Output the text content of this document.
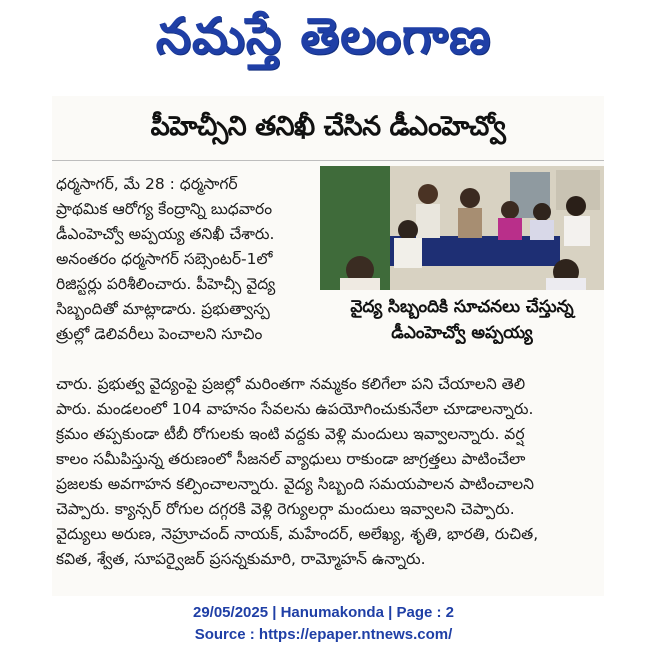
నమస్తే తెలంగాణ
పీహెచ్సీని తనిఖీ చేసిన డీఎంహెచ్వో
ధర్మసాగర్, మే 28 : ధర్మసాగర్
ప్రాథమిక ఆరోగ్య కేంద్రాన్ని బుధవారం
డీఎంహెచ్వో అప్పయ్య తనిఖీ చేశారు.
అనంతరం ధర్మసాగర్ సబ్సెంటర్-1లో
రిజిస్టర్లు పరిశీలించారు. పీహెచ్సీ వైద్య
సిబ్బందితో మాట్లాడారు. ప్రభుత్వాస్ప
త్రుల్లో డెలివరీలు పెంచాలని సూచిం
వైద్య సిబ్బందికి సూచనలు చేస్తున్న
డీఎంహెచ్వో అప్పయ్య
చారు. ప్రభుత్వ వైద్యంపై ప్రజల్లో మరింతగా నమ్మకం కలిగేలా పని చేయాలని తెలి
పారు. మండలంలో 104 వాహనం సేవలను ఉపయోగించుకునేలా చూడాలన్నారు.
క్రమం తప్పకుండా టీబీ రోగులకు ఇంటి వద్దకు వెళ్లి మందులు ఇవ్వాలన్నారు. వర్ష
కాలం సమీపిస్తున్న తరుణంలో సీజనల్ వ్యాధులు రాకుండా జాగ్రత్తలు పాటించేలా
ప్రజలకు అవగాహన కల్పించాలన్నారు. వైద్య సిబ్బంది సమయపాలన పాటించాలని
చెప్పారు. క్యాన్సర్ రోగుల దగ్గరకి వెళ్లి రెగ్యులర్గా మందులు ఇవ్వాలని చెప్పారు.
వైద్యులు అరుణ, నెహ్రూచంద్ నాయక్, మహేందర్, అలేఖ్య, శృతి, భారతి, రుచిత,
కవిత, శ్వేత, సూపర్వైజర్ ప్రసన్నకుమారి, రామ్మోహన్ ఉన్నారు.
29/05/2025 | Hanumakonda | Page : 2
Source : https://epaper.ntnews.com/
